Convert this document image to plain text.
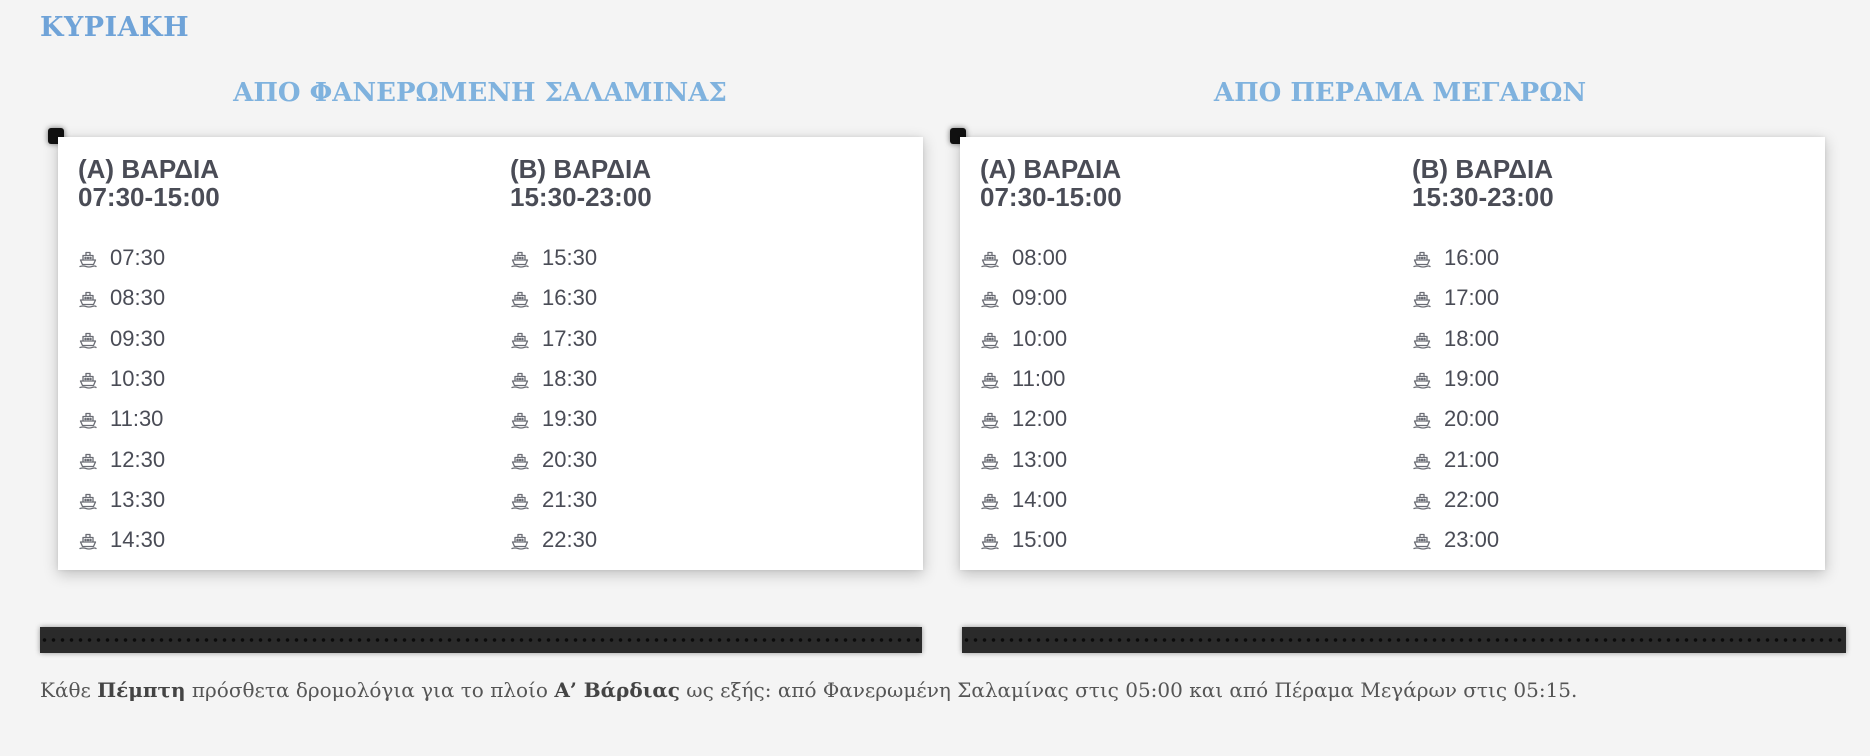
ΚΥΡΙΑΚΗ
ΑΠΟ ΦΑΝΕΡΩΜΕΝΗ ΣΑΛΑΜΙΝΑΣ	ΑΠΟ ΠΕΡΑΜΑ ΜΕΓΑΡΩΝ

(Α) ΒΑΡΔΙΑ

07:30-15:00

07:30
08:30
09:30
10:30
11:30
12:30
13:30
14:30

(Β) ΒΑΡΔΙΑ

15:30-23:00

15:30
16:30
17:30
18:30
19:30
20:30
21:30
22:30

(Α) ΒΑΡΔΙΑ

07:30-15:00

08:00
09:00
10:00
11:00
12:00
13:00
14:00
15:00

(Β) ΒΑΡΔΙΑ

15:30-23:00

16:00
17:00
18:00
19:00
20:00
21:00
22:00
23:00

Κάθε Πέμπτη πρόσθετα δρομολόγια για το πλοίο Α’ Βάρδιας ως εξής: από Φανερωμένη Σαλαμίνας στις 05:00 και από Πέραμα Μεγάρων στις 05:15.
